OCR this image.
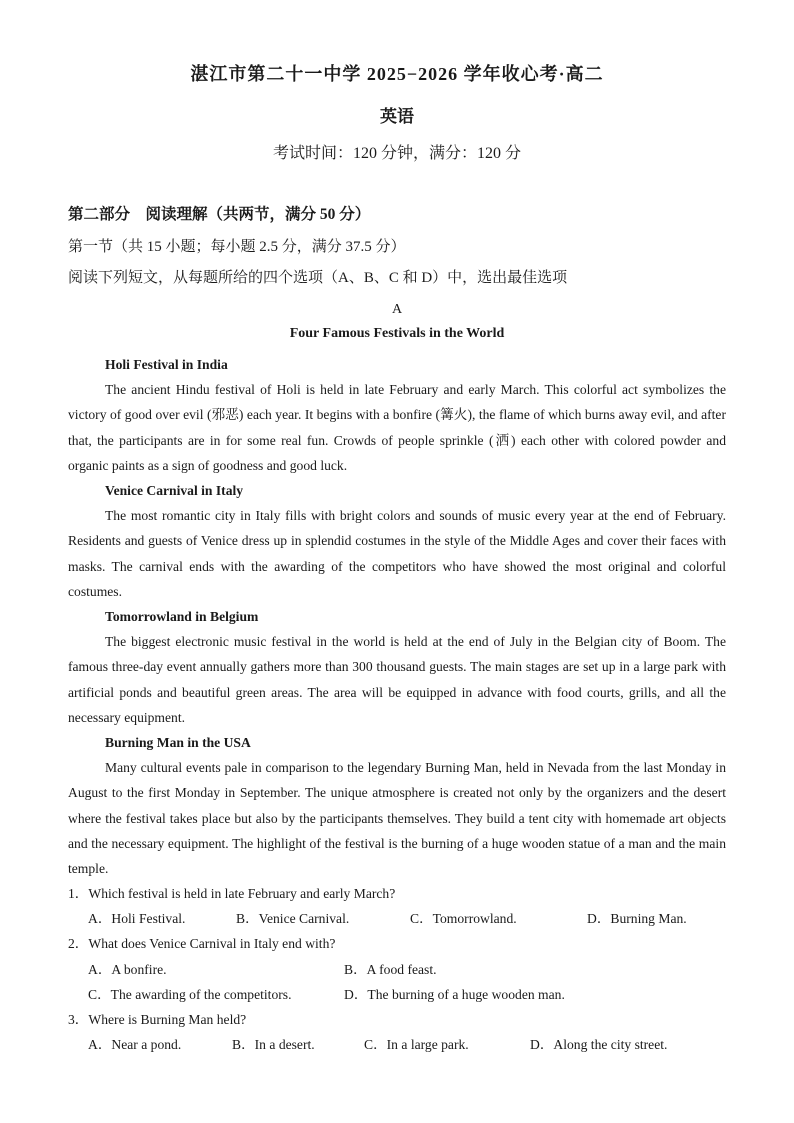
湛江市第二十一中学 2025−2026 学年收心考·高二
英语
考试时间：120 分钟，满分：120 分
第二部分　阅读理解（共两节，满分 50 分）
第一节（共 15 小题；每小题 2.5 分，满分 37.5 分）
阅读下列短文，从每题所给的四个选项（A、B、C 和 D）中，选出最佳选项
A
Four Famous Festivals in the World
Holi Festival in India
The ancient Hindu festival of Holi is held in late February and early March. This colorful act symbolizes the victory of good over evil (邪恶) each year. It begins with a bonfire (篝火), the flame of which burns away evil, and after that, the participants are in for some real fun. Crowds of people sprinkle (洒) each other with colored powder and organic paints as a sign of goodness and good luck.
Venice Carnival in Italy
The most romantic city in Italy fills with bright colors and sounds of music every year at the end of February. Residents and guests of Venice dress up in splendid costumes in the style of the Middle Ages and cover their faces with masks. The carnival ends with the awarding of the competitors who have showed the most original and colorful costumes.
Tomorrowland in Belgium
The biggest electronic music festival in the world is held at the end of July in the Belgian city of Boom. The famous three-day event annually gathers more than 300 thousand guests. The main stages are set up in a large park with artificial ponds and beautiful green areas. The area will be equipped in advance with food courts, grills, and all the necessary equipment.
Burning Man in the USA
Many cultural events pale in comparison to the legendary Burning Man, held in Nevada from the last Monday in August to the first Monday in September. The unique atmosphere is created not only by the organizers and the desert where the festival takes place but also by the participants themselves. They build a tent city with homemade art objects and the necessary equipment. The highlight of the festival is the burning of a huge wooden statue of a man and the main temple.
1．Which festival is held in late February and early March?
A．Holi Festival.	B．Venice Carnival.	C．Tomorrowland.	D．Burning Man.
2．What does Venice Carnival in Italy end with?
A．A bonfire.	B．A food feast.
C．The awarding of the competitors.	D．The burning of a huge wooden man.
3．Where is Burning Man held?
A．Near a pond.	B．In a desert.	C．In a large park.	D．Along the city street.
